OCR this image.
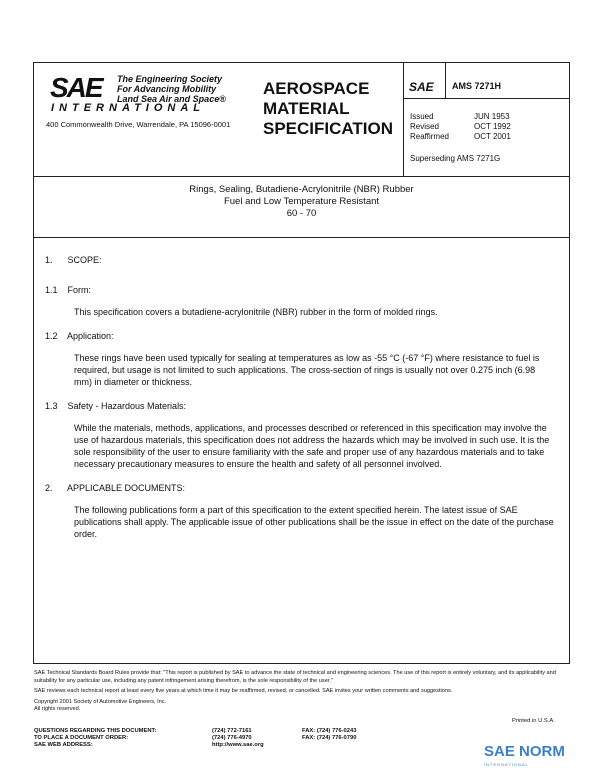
SAE The Engineering Society
For Advancing Mobility
Land Sea Air and Space®
INTERNATIONAL
400 Commonwealth Drive, Warrendale, PA 15096-0001
AEROSPACE
MATERIAL
SPECIFICATION
SAE AMS 7271H
Issued	JUN 1953
Revised	OCT 1992
Reaffirmed	OCT 2001
Superseding AMS 7271G
Rings, Sealing, Butadiene-Acrylonitrile (NBR) Rubber
Fuel and Low Temperature Resistant
60 - 70

1. SCOPE:

1.1 Form:

This specification covers a butadiene-acrylonitrile (NBR) rubber in the form of molded rings.

1.2 Application:

These rings have been used typically for sealing at temperatures as low as -55 °C (-67 °F) where resistance to fuel is required, but usage is not limited to such applications. The cross-section of rings is usually not over 0.275 inch (6.98 mm) in diameter or thickness.

1.3 Safety - Hazardous Materials:

While the materials, methods, applications, and processes described or referenced in this specification may involve the use of hazardous materials, this specification does not address the hazards which may be involved in such use. It is the sole responsibility of the user to ensure familiarity with the safe and proper use of any hazardous materials and to take necessary precautionary measures to ensure the health and safety of all personnel involved.

2. APPLICABLE DOCUMENTS:

The following publications form a part of this specification to the extent specified herein. The latest issue of SAE publications shall apply. The applicable issue of other publications shall be the issue in effect on the date of the purchase order.

SAE Technical Standards Board Rules provide that: "This report is published by SAE to advance the state of technical and engineering sciences. The use of this report is entirely voluntary, and its applicability and suitability for any particular use, including any patent infringement arising therefrom, is the sole responsibility of the user."
SAE reviews each technical report at least every five years at which time it may be reaffirmed, revised, or cancelled. SAE invites your written comments and suggestions.
Copyright 2001 Society of Automotive Engineers, Inc.
All rights reserved.
Printed in U.S.A.
QUESTIONS REGARDING THIS DOCUMENT:	(724) 772-7161	FAX: (724) 776-0243
TO PLACE A DOCUMENT ORDER:	(724) 776-4970	FAX: (724) 776-0790
SAE WEB ADDRESS:	http://www.sae.org	SAE NORM
INTERNATIONAL
